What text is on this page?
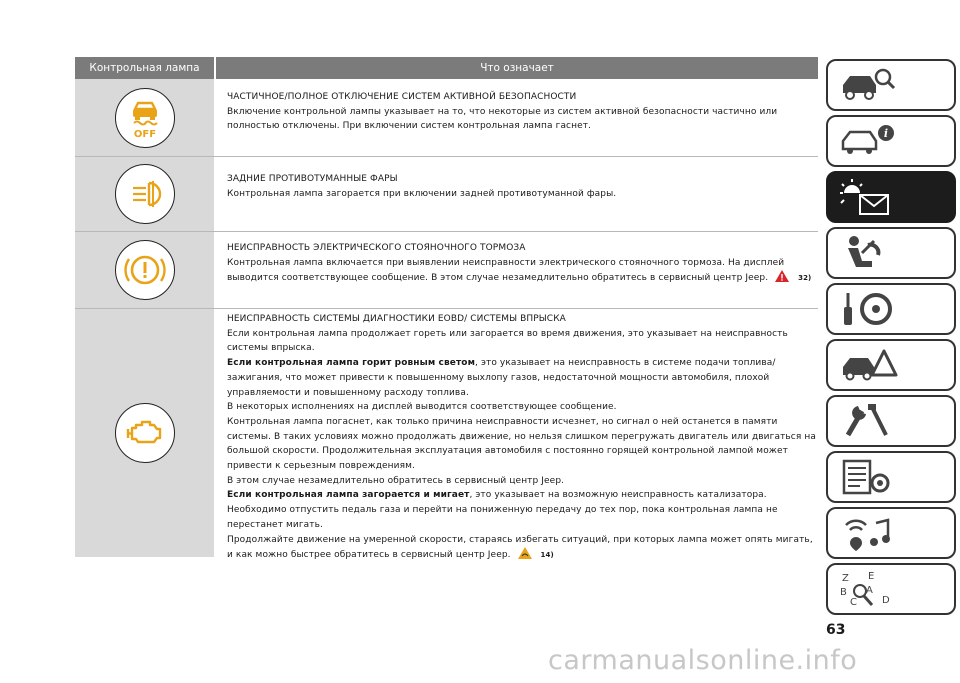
Контрольная лампа	Что означает
OFF
ЧАСТИЧНОЕ/ПОЛНОЕ ОТКЛЮЧЕНИЕ СИСТЕМ АКТИВНОЙ БЕЗОПАСНОСТИ
Включение контрольной лампы указывает на то, что некоторые из систем активной безопасности частично или полностью отключены. При включении систем контрольная лампа гаснет.
ЗАДНИЕ ПРОТИВОТУМАННЫЕ ФАРЫ
Контрольная лампа загорается при включении задней противотуманной фары.
НЕИСПРАВНОСТЬ ЭЛЕКТРИЧЕСКОГО СТОЯНОЧНОГО ТОРМОЗА
Контрольная лампа включается при выявлении неисправности электрического стояночного тормоза. На дисплей выводится соответствующее сообщение. В этом случае незамедлительно обратитесь в сервисный центр Jeep.	32)
НЕИСПРАВНОСТЬ СИСТЕМЫ ДИАГНОСТИКИ EOBD/ СИСТЕМЫ ВПРЫСКА
Если контрольная лампа продолжает гореть или загорается во время движения, это указывает на неисправность системы впрыска.
Если контрольная лампа горит ровным светом, это указывает на неисправность в системе подачи топлива/зажигания, что может привести к повышенному выхлопу газов, недостаточной мощности автомобиля, плохой управляемости и повышенному расходу топлива.
В некоторых исполнениях на дисплей выводится соответствующее сообщение.
Контрольная лампа погаснет, как только причина неисправности исчезнет, но сигнал о ней останется в памяти системы. В таких условиях можно продолжать движение, но нельзя слишком перегружать двигатель или двигаться на большой скорости. Продолжительная эксплуатация автомобиля с постоянно горящей контрольной лампой может привести к серьезным повреждениям.
В этом случае незамедлительно обратитесь в сервисный центр Jeep.
Если контрольная лампа загорается и мигает, это указывает на возможную неисправность катализатора.
Необходимо отпустить педаль газа и перейти на пониженную передачу до тех пор, пока контрольная лампа не перестанет мигать.
Продолжайте движение на умеренной скорости, стараясь избегать ситуаций, при которых лампа может опять мигать, и как можно быстрее обратитесь в сервисный центр Jeep.	14)
i
Z E
B A
C	D
63
carmanualsonline.info
